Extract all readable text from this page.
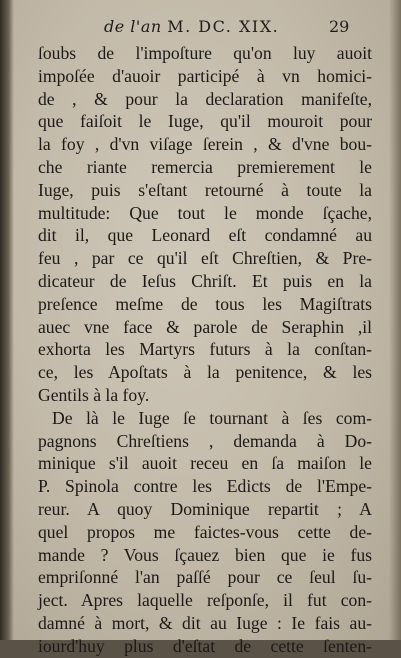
de l'an M. DC. XIX.	29
ſoubs de l'impoſture qu'on luy auoit
impoſée d'auoir participé à vn homici-
de , & pour la declaration manifeſte,
que faiſoit le Iuge, qu'il mouroit pour
la foy , d'vn viſage ſerein , & d'vne bou-
che riante remercia premierement le
Iuge, puis s'eſtant retourné à toute la
multitude: Que tout le monde ſçache,
dit il, que Leonard eſt condamné au
feu , par ce qu'il eſt Chreſtien, & Pre-
dicateur de Ieſus Chriſt. Et puis en la
preſence meſme de tous les Magiſtrats
auec vne face & parole de Seraphin ,il
exhorta les Martyrs futurs à la conſtan-
ce, les Apoſtats à la penitence, & les
Gentils à la foy.
De là le Iuge ſe tournant à ſes com-
pagnons Chreſtiens , demanda à Do-
minique s'il auoit receu en ſa maiſon le
P. Spinola contre les Edicts de l'Empe-
reur. A quoy Dominique repartit ; A
quel propos me faictes-vous cette de-
mande ? Vous ſçauez bien que ie fus
empriſonné l'an paſſé pour ce ſeul ſu-
ject. Apres laquelle reſponſe, il fut con-
damné à mort, & dit au Iuge : Ie fais au-
iourd'huy plus d'eſtat de cette ſenten-
